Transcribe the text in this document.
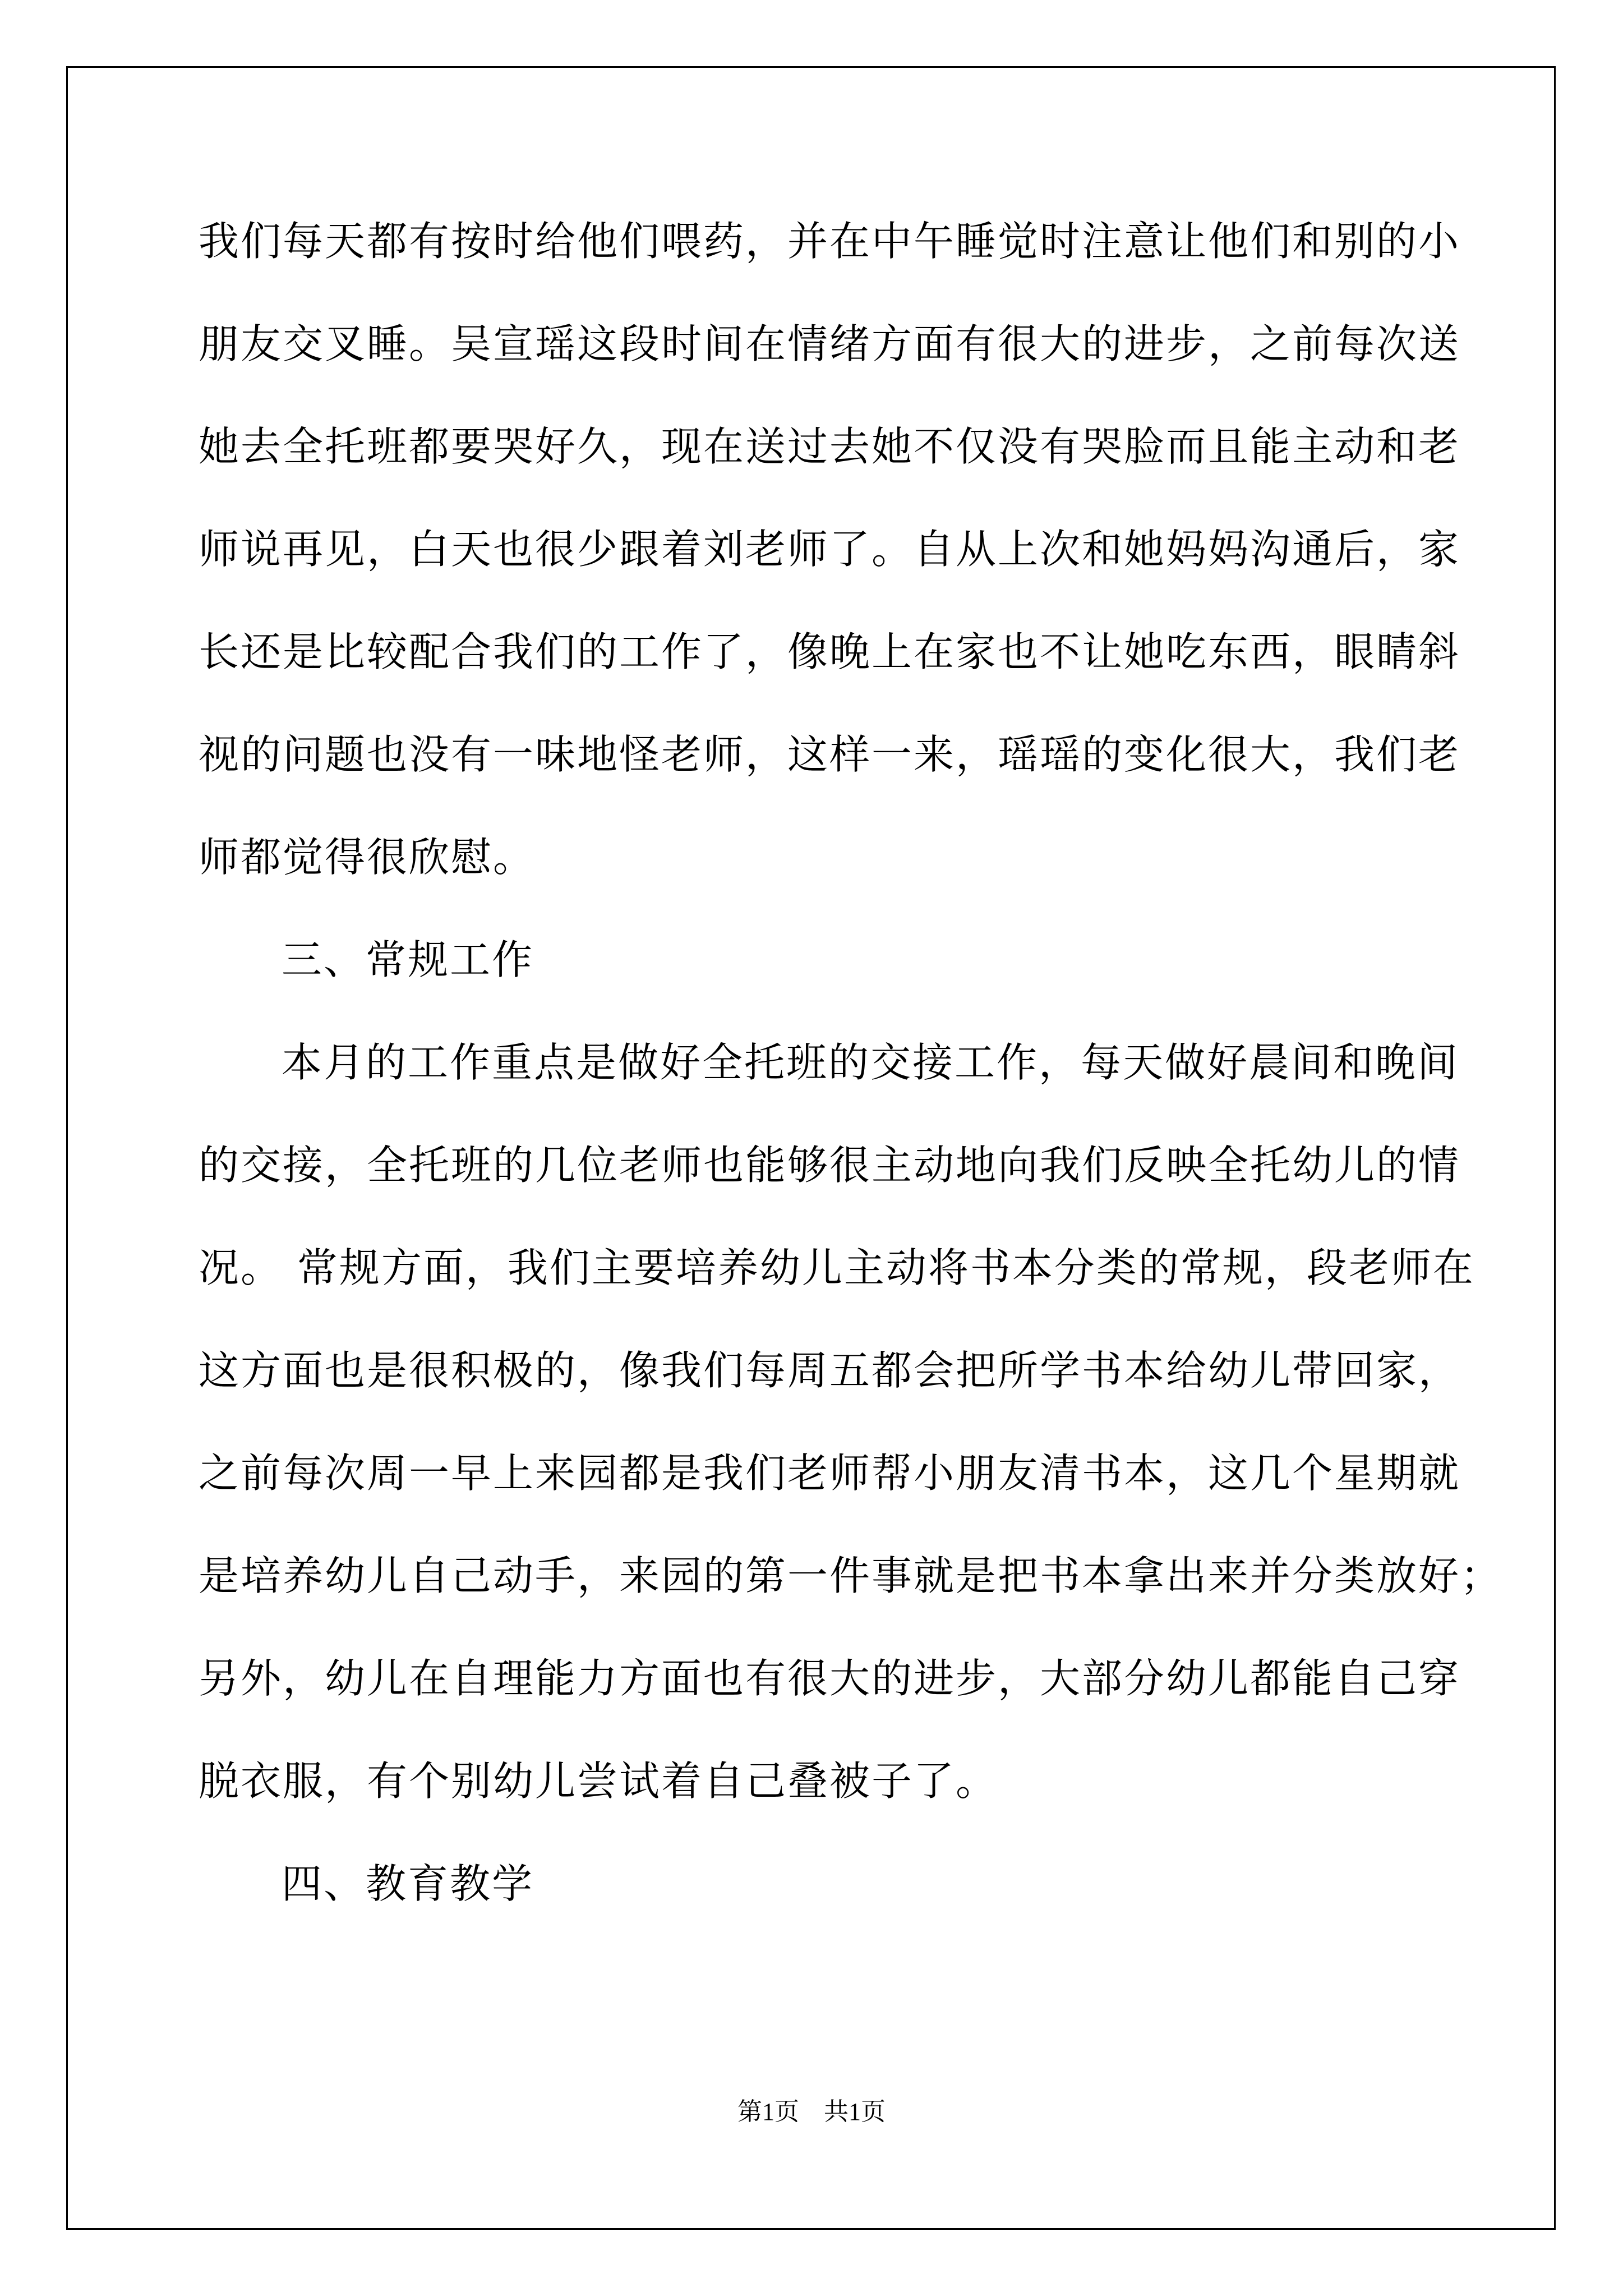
我们每天都有按时给他们喂药，并在中午睡觉时注意让他们和别的小
朋友交叉睡。吴宣瑶这段时间在情绪方面有很大的进步，之前每次送
她去全托班都要哭好久，现在送过去她不仅没有哭脸而且能主动和老
师说再见，白天也很少跟着刘老师了。自从上次和她妈妈沟通后，家
长还是比较配合我们的工作了，像晚上在家也不让她吃东西，眼睛斜
视的问题也没有一味地怪老师，这样一来，瑶瑶的变化很大，我们老
师都觉得很欣慰。
三、常规工作
本月的工作重点是做好全托班的交接工作，每天做好晨间和晚间
的交接，全托班的几位老师也能够很主动地向我们反映全托幼儿的情
况。 常规方面，我们主要培养幼儿主动将书本分类的常规，段老师在
这方面也是很积极的，像我们每周五都会把所学书本给幼儿带回家，
之前每次周一早上来园都是我们老师帮小朋友清书本，这几个星期就
是培养幼儿自己动手，来园的第一件事就是把书本拿出来并分类放好；
另外，幼儿在自理能力方面也有很大的进步，大部分幼儿都能自己穿
脱衣服，有个别幼儿尝试着自己叠被子了。
四、教育教学
第1页　共1页
